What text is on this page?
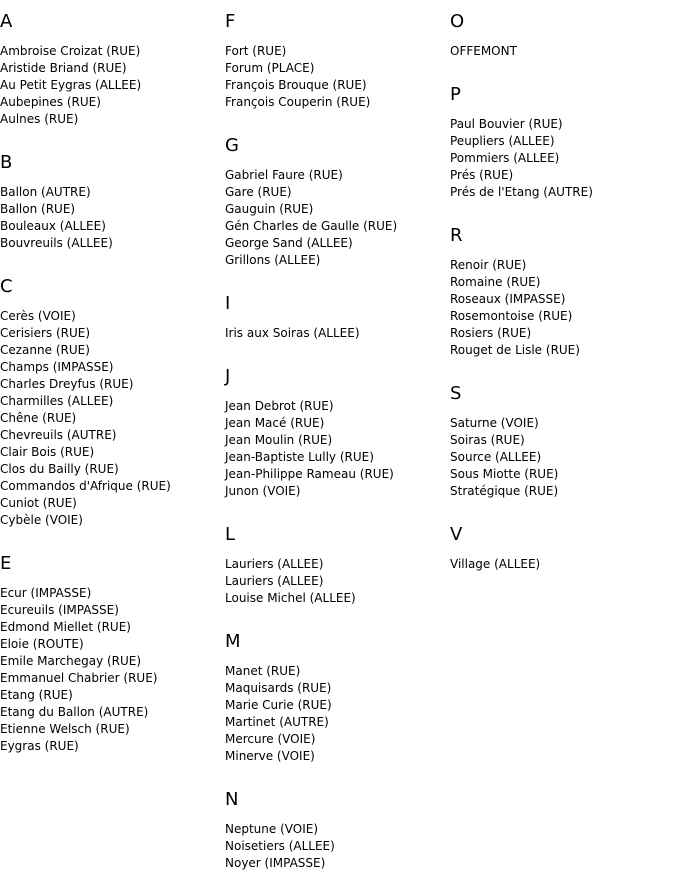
A
Ambroise Croizat (RUE)
Aristide Briand (RUE)
Au Petit Eygras (ALLEE)
Aubepines (RUE)
Aulnes (RUE)
B
Ballon (AUTRE)
Ballon (RUE)
Bouleaux (ALLEE)
Bouvreuils (ALLEE)
C
Cerès (VOIE)
Cerisiers (RUE)
Cezanne (RUE)
Champs (IMPASSE)
Charles Dreyfus (RUE)
Charmilles (ALLEE)
Chêne (RUE)
Chevreuils (AUTRE)
Clair Bois (RUE)
Clos du Bailly (RUE)
Commandos d'Afrique (RUE)
Cuniot (RUE)
Cybèle (VOIE)
E
Ecur (IMPASSE)
Ecureuils (IMPASSE)
Edmond Miellet (RUE)
Eloie (ROUTE)
Emile Marchegay (RUE)
Emmanuel Chabrier (RUE)
Etang (RUE)
Etang du Ballon (AUTRE)
Etienne Welsch (RUE)
Eygras (RUE)
F
Fort (RUE)
Forum (PLACE)
François Brouque (RUE)
François Couperin (RUE)
G
Gabriel Faure (RUE)
Gare (RUE)
Gauguin (RUE)
Gén Charles de Gaulle (RUE)
George Sand (ALLEE)
Grillons (ALLEE)
I
Iris aux Soiras (ALLEE)
J
Jean Debrot (RUE)
Jean Macé (RUE)
Jean Moulin (RUE)
Jean-Baptiste Lully (RUE)
Jean-Philippe Rameau (RUE)
Junon (VOIE)
L
Lauriers (ALLEE)
Lauriers (ALLEE)
Louise Michel (ALLEE)
M
Manet (RUE)
Maquisards (RUE)
Marie Curie (RUE)
Martinet (AUTRE)
Mercure (VOIE)
Minerve (VOIE)
N
Neptune (VOIE)
Noisetiers (ALLEE)
Noyer (IMPASSE)
O
OFFEMONT
P
Paul Bouvier (RUE)
Peupliers (ALLEE)
Pommiers (ALLEE)
Prés (RUE)
Prés de l'Etang (AUTRE)
R
Renoir (RUE)
Romaine (RUE)
Roseaux (IMPASSE)
Rosemontoise (RUE)
Rosiers (RUE)
Rouget de Lisle (RUE)
S
Saturne (VOIE)
Soiras (RUE)
Source (ALLEE)
Sous Miotte (RUE)
Stratégique (RUE)
V
Village (ALLEE)
